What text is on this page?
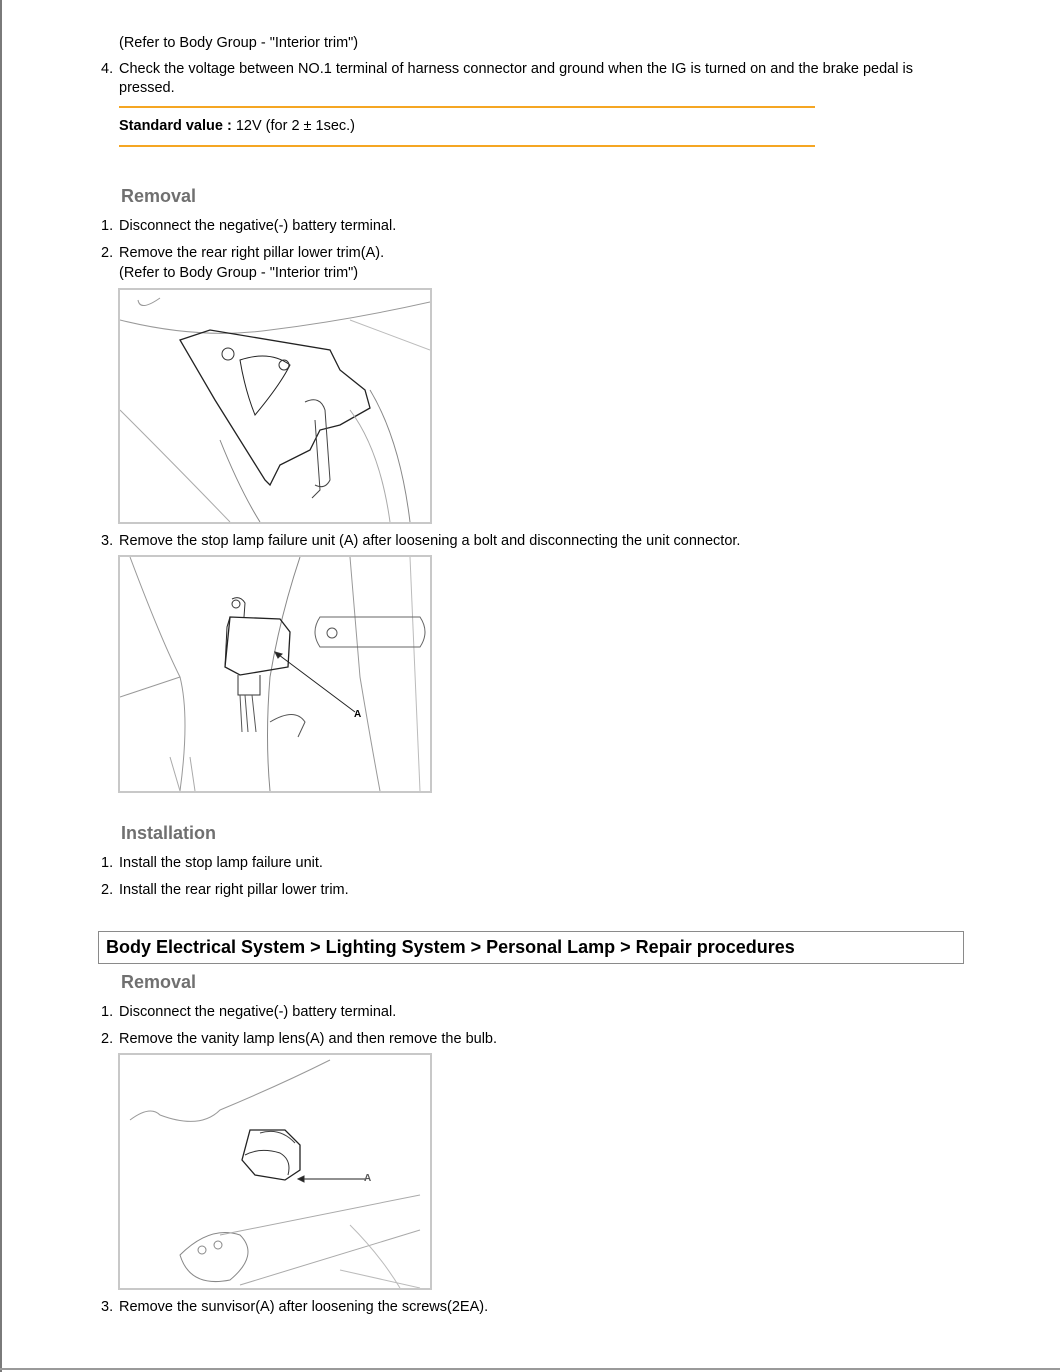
(Refer to Body Group - "Interior trim")
4. Check the voltage between NO.1 terminal of harness connector and ground when the IG is turned on and the brake pedal is
pressed.
Standard value : 12V (for 2 ± 1sec.)
Removal
1. Disconnect the negative(-) battery terminal.
2. Remove the rear right pillar lower trim(A).
(Refer to Body Group - "Interior trim")
3. Remove the stop lamp failure unit (A) after loosening a bolt and disconnecting the unit connector.
A
Installation
1. Install the stop lamp failure unit.
2. Install the rear right pillar lower trim.
Body Electrical System > Lighting System > Personal Lamp > Repair procedures
Removal
1. Disconnect the negative(-) battery terminal.
2. Remove the vanity lamp lens(A) and then remove the bulb.
A
3. Remove the sunvisor(A) after loosening the screws(2EA).
